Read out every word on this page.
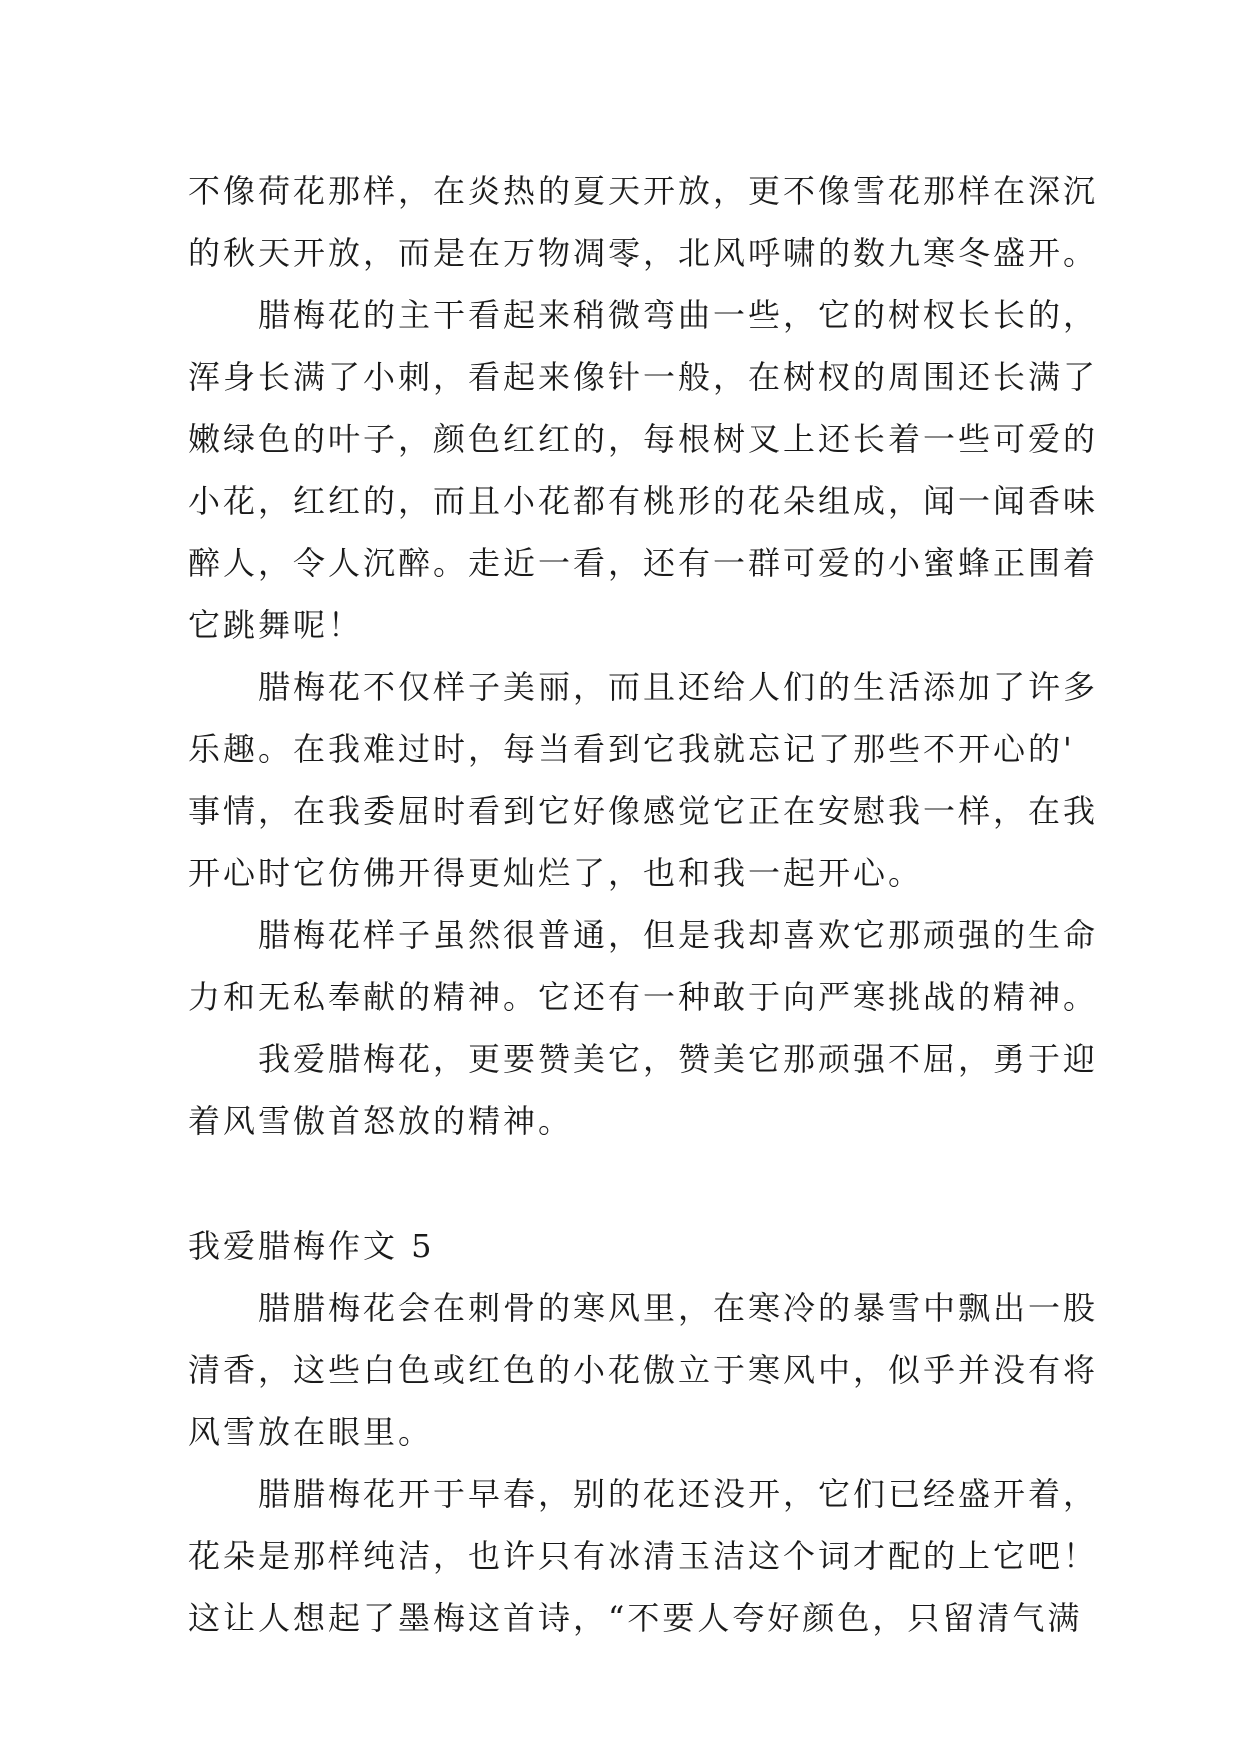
不像荷花那样，在炎热的夏天开放，更不像雪花那样在深沉
的秋天开放，而是在万物凋零，北风呼啸的数九寒冬盛开。
　　腊梅花的主干看起来稍微弯曲一些，它的树杈长长的，
浑身长满了小刺，看起来像针一般，在树杈的周围还长满了
嫩绿色的叶子，颜色红红的，每根树叉上还长着一些可爱的
小花，红红的，而且小花都有桃形的花朵组成，闻一闻香味
醉人，令人沉醉。走近一看，还有一群可爱的小蜜蜂正围着
它跳舞呢！
　　腊梅花不仅样子美丽，而且还给人们的生活添加了许多
乐趣。在我难过时，每当看到它我就忘记了那些不开心的'
事情，在我委屈时看到它好像感觉它正在安慰我一样，在我
开心时它仿佛开得更灿烂了，也和我一起开心。
　　腊梅花样子虽然很普通，但是我却喜欢它那顽强的生命
力和无私奉献的精神。它还有一种敢于向严寒挑战的精神。
　　我爱腊梅花，更要赞美它，赞美它那顽强不屈，勇于迎
着风雪傲首怒放的精神。
我爱腊梅作文 5
　　腊腊梅花会在刺骨的寒风里，在寒冷的暴雪中飘出一股
清香，这些白色或红色的小花傲立于寒风中，似乎并没有将
风雪放在眼里。
　　腊腊梅花开于早春，别的花还没开，它们已经盛开着，
花朵是那样纯洁，也许只有冰清玉洁这个词才配的上它吧！
这让人想起了墨梅这首诗，“不要人夸好颜色，只留清气满
